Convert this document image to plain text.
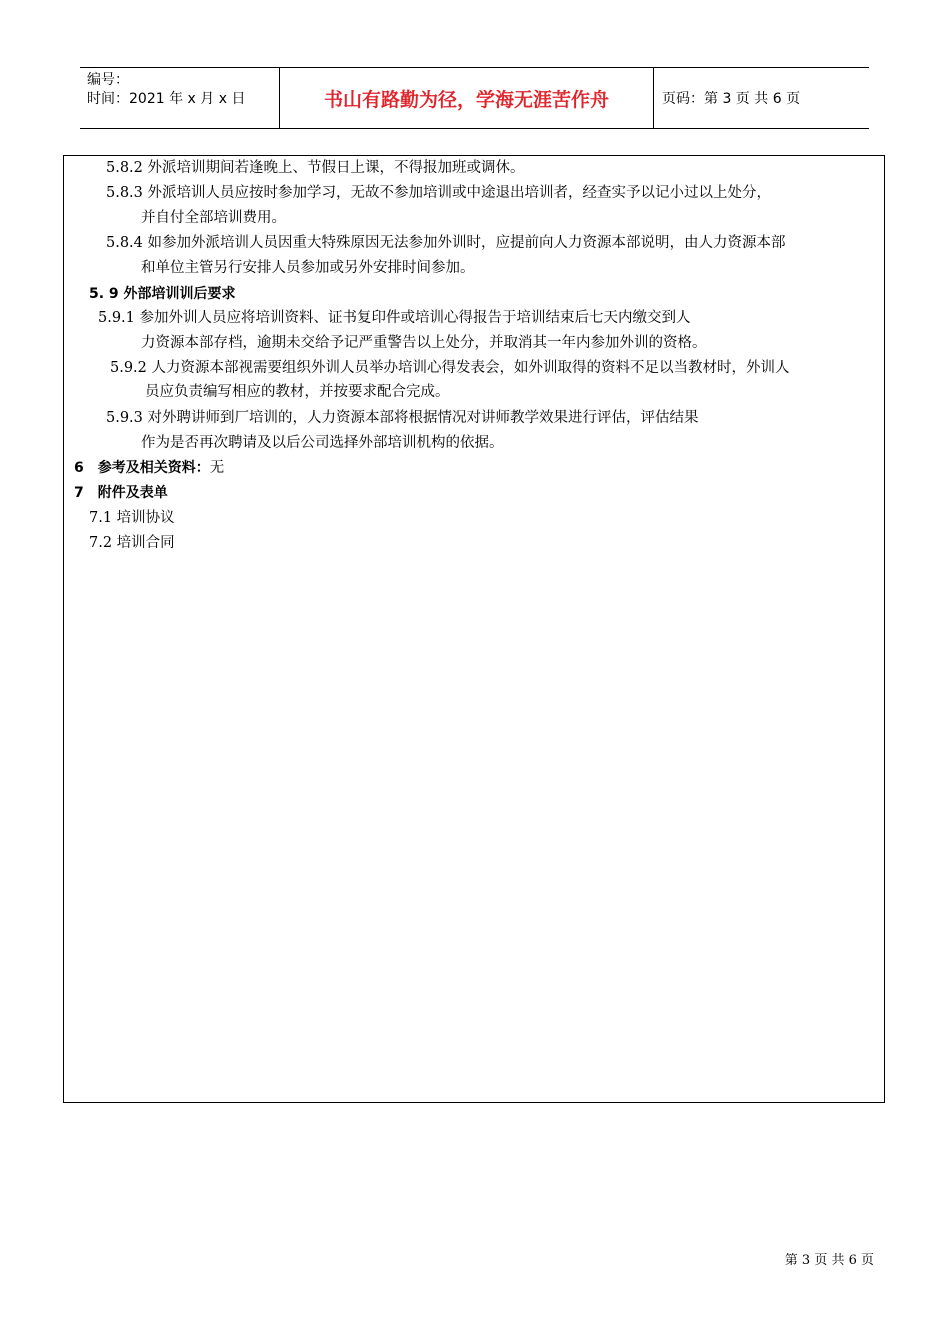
编号：
时间：2021 年 x 月 x 日	书山有路勤为径，学海无涯苦作舟	页码：第 3 页 共 6 页
5.8.2 外派培训期间若逢晚上、节假日上课，不得报加班或调休。
5.8.3 外派培训人员应按时参加学习，无故不参加培训或中途退出培训者，经查实予以记小过以上处分，
并自付全部培训费用。
5.8.4 如参加外派培训人员因重大特殊原因无法参加外训时，应提前向人力资源本部说明，由人力资源本部
和单位主管另行安排人员参加或另外安排时间参加。
5. 9 外部培训训后要求
5.9.1 参加外训人员应将培训资料、证书复印件或培训心得报告于培训结束后七天内缴交到人
力资源本部存档，逾期未交给予记严重警告以上处分，并取消其一年内参加外训的资格。
5.9.2 人力资源本部视需要组织外训人员举办培训心得发表会，如外训取得的资料不足以当教材时，外训人
员应负责编写相应的教材，并按要求配合完成。
5.9.3 对外聘讲师到厂培训的，人力资源本部将根据情况对讲师教学效果进行评估，评估结果
作为是否再次聘请及以后公司选择外部培训机构的依据。
6　参考及相关资料：无
7　附件及表单
7.1 培训协议
7.2 培训合同
第 3 页 共 6 页
